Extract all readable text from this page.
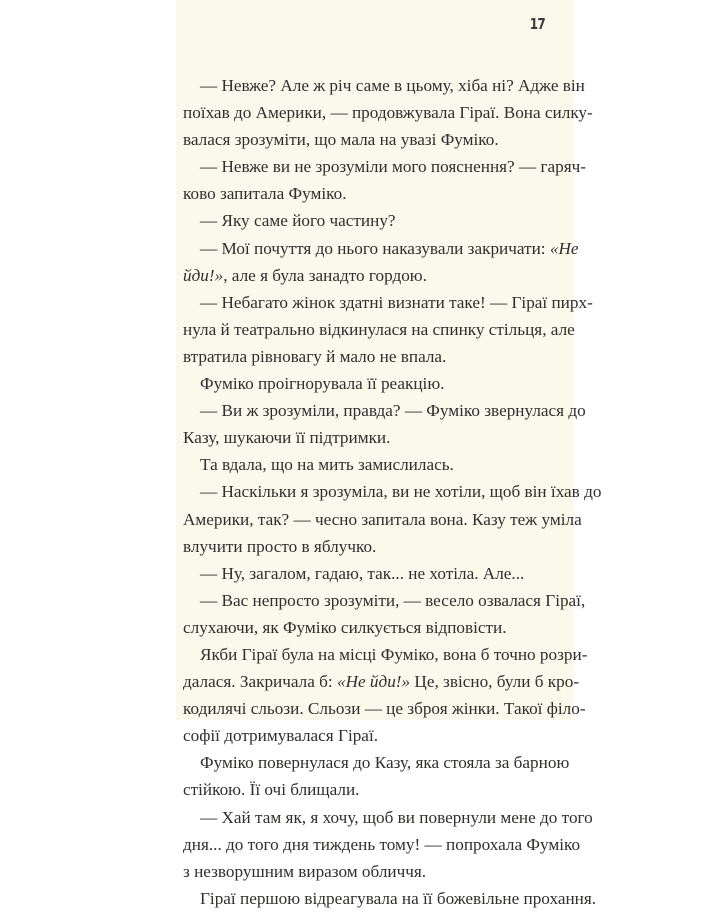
17
— Невже? Але ж річ саме в цьому, хіба ні? Адже він
поїхав до Америки, — продовжувала Гіраї. Вона силку-
валася зрозуміти, що мала на увазі Фуміко.
— Невже ви не зрозуміли мого пояснення? — гаряч-
ково запитала Фуміко.
— Яку саме його частину?
— Мої почуття до нього наказували закричати: «Не
йди!», але я була занадто гордою.
— Небагато жінок здатні визнати таке! — Гіраї пирх-
нула й театрально відкинулася на спинку стільця, але
втратила рівновагу й мало не впала.
Фуміко проігнорувала її реакцію.
— Ви ж зрозуміли, правда? — Фуміко звернулася до
Казу, шукаючи її підтримки.
Та вдала, що на мить замислилась.
— Наскільки я зрозуміла, ви не хотіли, щоб він їхав до
Америки, так? — чесно запитала вона. Казу теж уміла
влучити просто в яблучко.
— Ну, загалом, гадаю, так... не хотіла. Але...
— Вас непросто зрозуміти, — весело озвалася Гіраї,
слухаючи, як Фуміко силкується відповісти.
Якби Гіраї була на місці Фуміко, вона б точно розри-
далася. Закричала б: «Не йди!» Це, звісно, були б кро-
кодилячі сльози. Сльози — це зброя жінки. Такої філо-
софії дотримувалася Гіраї.
Фуміко повернулася до Казу, яка стояла за барною
стійкою. Її очі блищали.
— Хай там як, я хочу, щоб ви повернули мене до того
дня... до того дня тиждень тому! — попрохала Фуміко
з незворушним виразом обличчя.
Гіраї першою відреагувала на її божевільне прохання.
